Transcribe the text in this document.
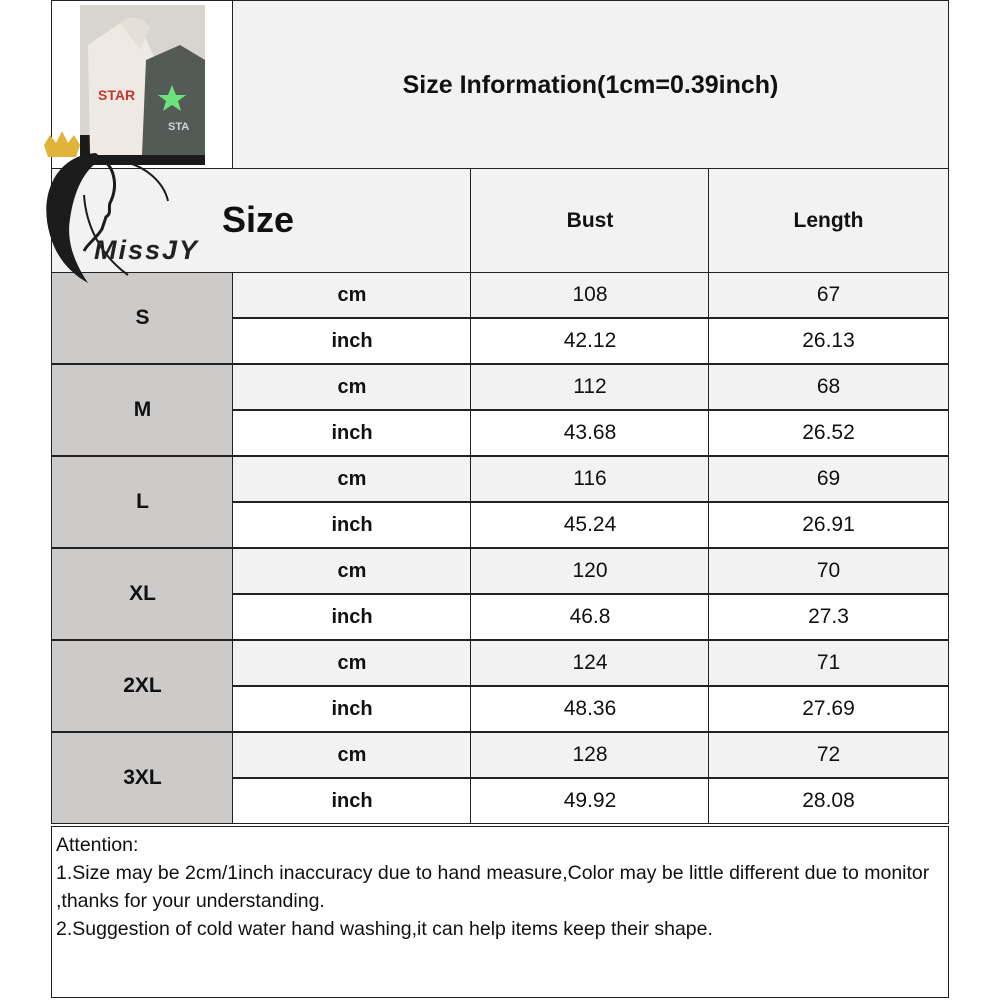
STAR
STA
Size Information(1cm=0.39inch)
Size	Bust	Length
S
cm	108	67
inch	42.12	26.13
M
cm	112	68
inch	43.68	26.52
L
cm	116	69
inch	45.24	26.91
XL
cm	120	70
inch	46.8	27.3
2XL
cm	124	71
inch	48.36	27.69
3XL
cm	128	72
inch	49.92	28.08
Attention:
1.Size may be 2cm/1inch inaccuracy due to hand measure,Color may be little different due to monitor ,thanks for your understanding.
2.Suggestion of cold water hand washing,it can help items keep their shape.
MissJY
